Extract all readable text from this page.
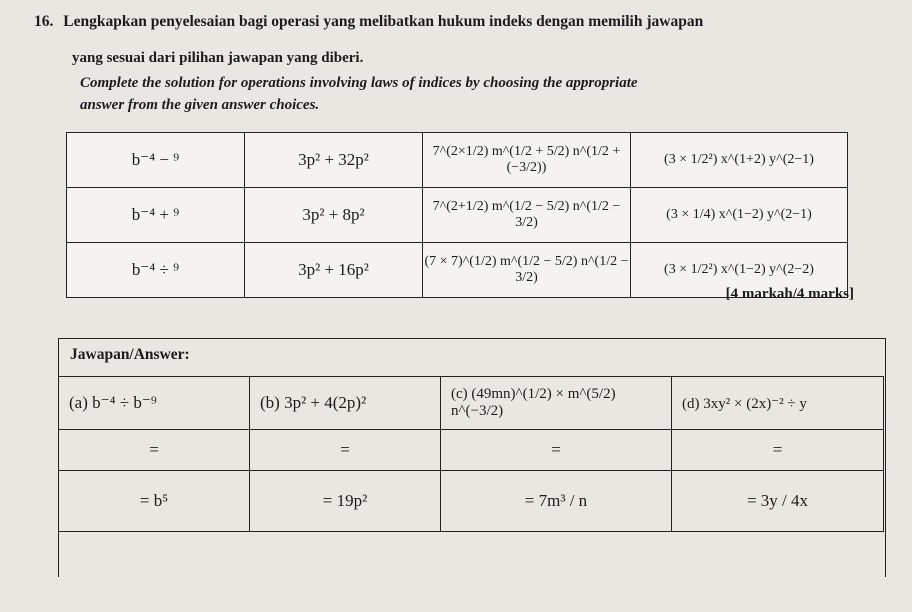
16. Lengkapkan penyelesaian bagi operasi yang melibatkan hukum indeks dengan memilih jawapan
yang sesuai dari pilihan jawapan yang diberi.
Complete the solution for operations involving laws of indices by choosing the appropriate
answer from the given answer choices.
b⁻⁴ − ⁹	3p² + 32p²	7^(2×1/2) m^(1/2 + 5/2) n^(1/2 + (−3/2))	(3 × 1/2²) x^(1+2) y^(2−1)
b⁻⁴ + ⁹	3p² + 8p²	7^(2+1/2) m^(1/2 − 5/2) n^(1/2 − 3/2)	(3 × 1/4) x^(1−2) y^(2−1)
b⁻⁴ ÷ ⁹	3p² + 16p²	(7 × 7)^(1/2) m^(1/2 − 5/2) n^(1/2 − 3/2)	(3 × 1/2²) x^(1−2) y^(2−2)
[4 markah/4 marks]
Jawapan/Answer:
(a) b⁻⁴ ÷ b⁻⁹	(b) 3p² + 4(2p)²	(c) (49mn)^(1/2) × m^(5/2) n^(−3/2)	(d) 3xy² × (2x)⁻² ÷ y
=	=	=	=
= b⁵	= 19p²	= 7m³ / n	= 3y / 4x
